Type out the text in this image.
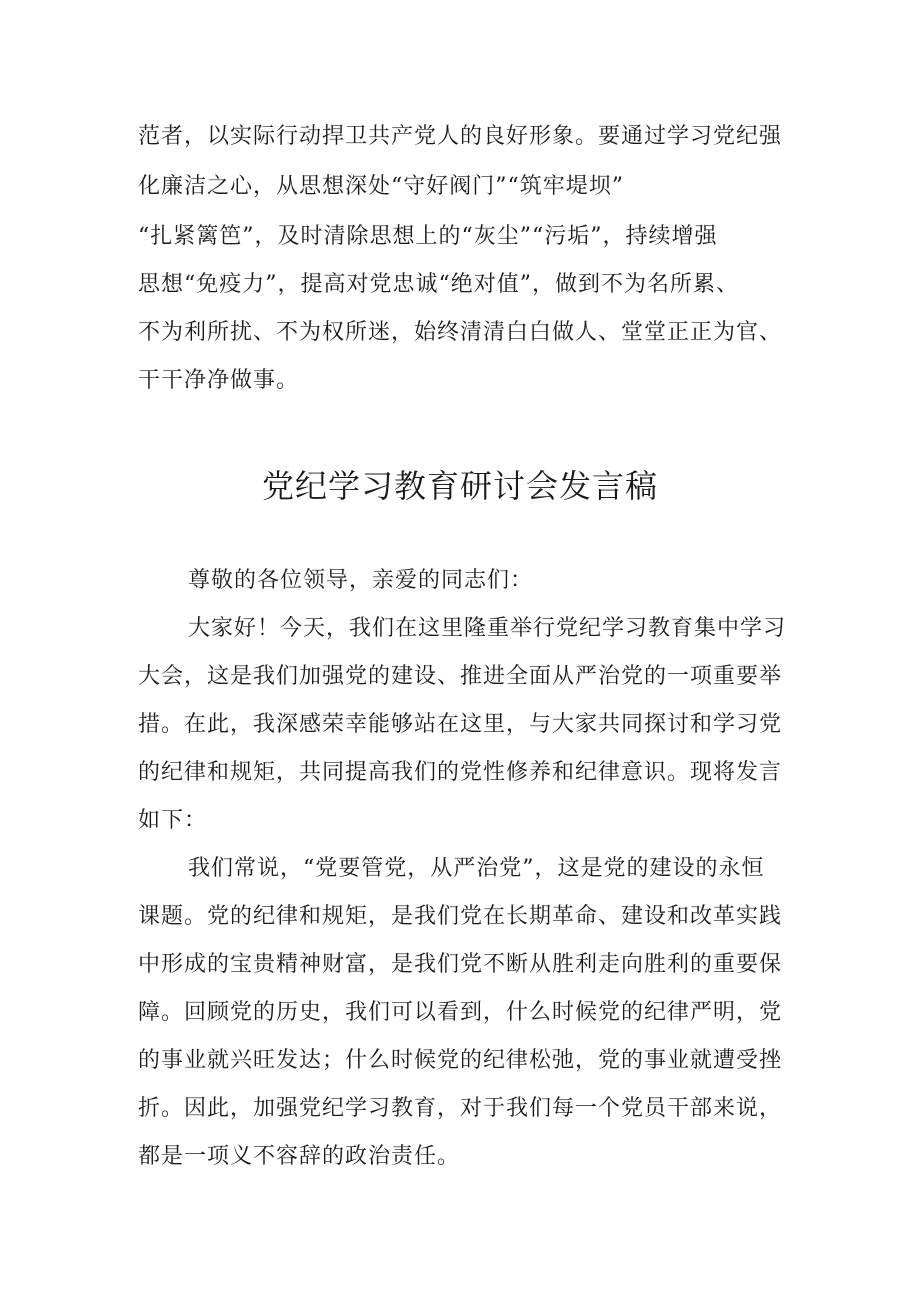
范者，以实际行动捍卫共产党人的良好形象。要通过学习党纪强
化廉洁之心，从思想深处“守好阀门”“筑牢堤坝”
“扎紧篱笆”，及时清除思想上的“灰尘”“污垢”，持续增强
思想“免疫力”，提高对党忠诚“绝对值”，做到不为名所累、
不为利所扰、不为权所迷，始终清清白白做人、堂堂正正为官、
干干净净做事。
党纪学习教育研讨会发言稿
尊敬的各位领导，亲爱的同志们：
大家好！今天，我们在这里隆重举行党纪学习教育集中学习
大会，这是我们加强党的建设、推进全面从严治党的一项重要举
措。在此，我深感荣幸能够站在这里，与大家共同探讨和学习党
的纪律和规矩，共同提高我们的党性修养和纪律意识。现将发言
如下：
我们常说，“党要管党，从严治党”，这是党的建设的永恒
课题。党的纪律和规矩，是我们党在长期革命、建设和改革实践
中形成的宝贵精神财富，是我们党不断从胜利走向胜利的重要保
障。回顾党的历史，我们可以看到，什么时候党的纪律严明，党
的事业就兴旺发达；什么时候党的纪律松弛，党的事业就遭受挫
折。因此，加强党纪学习教育，对于我们每一个党员干部来说，
都是一项义不容辞的政治责任。
